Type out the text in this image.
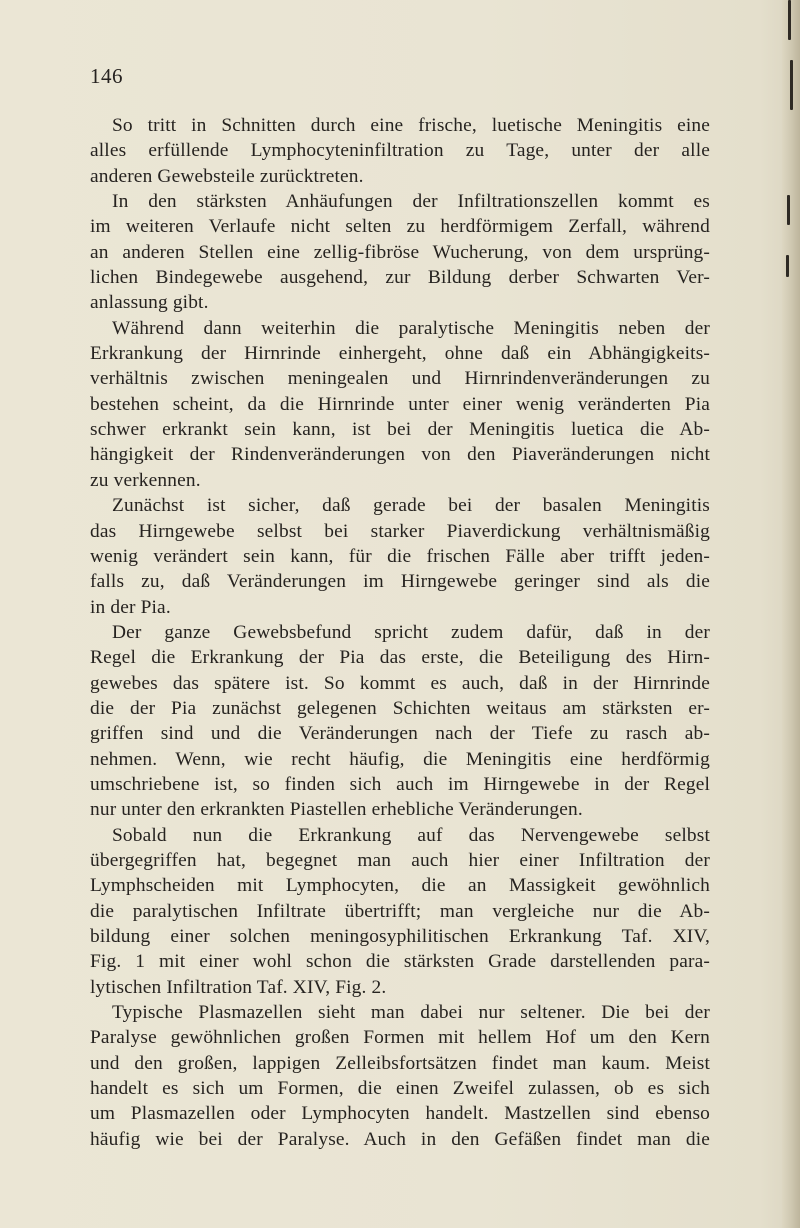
146

So tritt in Schnitten durch eine frische, luetische Meningitis eine
alles erfüllende Lymphocyteninfiltration zu Tage, unter der alle
anderen Gewebsteile zurücktreten.
In den stärksten Anhäufungen der Infiltrationszellen kommt es
im weiteren Verlaufe nicht selten zu herdförmigem Zerfall, während
an anderen Stellen eine zellig-fibröse Wucherung, von dem ursprüng-
lichen Bindegewebe ausgehend, zur Bildung derber Schwarten Ver-
anlassung gibt.
Während dann weiterhin die paralytische Meningitis neben der
Erkrankung der Hirnrinde einhergeht, ohne daß ein Abhängigkeits-
verhältnis zwischen meningealen und Hirnrindenveränderungen zu
bestehen scheint, da die Hirnrinde unter einer wenig veränderten Pia
schwer erkrankt sein kann, ist bei der Meningitis luetica die Ab-
hängigkeit der Rindenveränderungen von den Piaveränderungen nicht
zu verkennen.
Zunächst ist sicher, daß gerade bei der basalen Meningitis
das Hirngewebe selbst bei starker Piaverdickung verhältnismäßig
wenig verändert sein kann, für die frischen Fälle aber trifft jeden-
falls zu, daß Veränderungen im Hirngewebe geringer sind als die
in der Pia.
Der ganze Gewebsbefund spricht zudem dafür, daß in der
Regel die Erkrankung der Pia das erste, die Beteiligung des Hirn-
gewebes das spätere ist. So kommt es auch, daß in der Hirnrinde
die der Pia zunächst gelegenen Schichten weitaus am stärksten er-
griffen sind und die Veränderungen nach der Tiefe zu rasch ab-
nehmen. Wenn, wie recht häufig, die Meningitis eine herdförmig
umschriebene ist, so finden sich auch im Hirngewebe in der Regel
nur unter den erkrankten Piastellen erhebliche Veränderungen.
Sobald nun die Erkrankung auf das Nervengewebe selbst
übergegriffen hat, begegnet man auch hier einer Infiltration der
Lymphscheiden mit Lymphocyten, die an Massigkeit gewöhnlich
die paralytischen Infiltrate übertrifft; man vergleiche nur die Ab-
bildung einer solchen meningosyphilitischen Erkrankung Taf. XIV,
Fig. 1 mit einer wohl schon die stärksten Grade darstellenden para-
lytischen Infiltration Taf. XIV, Fig. 2.
Typische Plasmazellen sieht man dabei nur seltener. Die bei der
Paralyse gewöhnlichen großen Formen mit hellem Hof um den Kern
und den großen, lappigen Zelleibsfortsätzen findet man kaum. Meist
handelt es sich um Formen, die einen Zweifel zulassen, ob es sich
um Plasmazellen oder Lymphocyten handelt. Mastzellen sind ebenso
häufig wie bei der Paralyse. Auch in den Gefäßen findet man die
